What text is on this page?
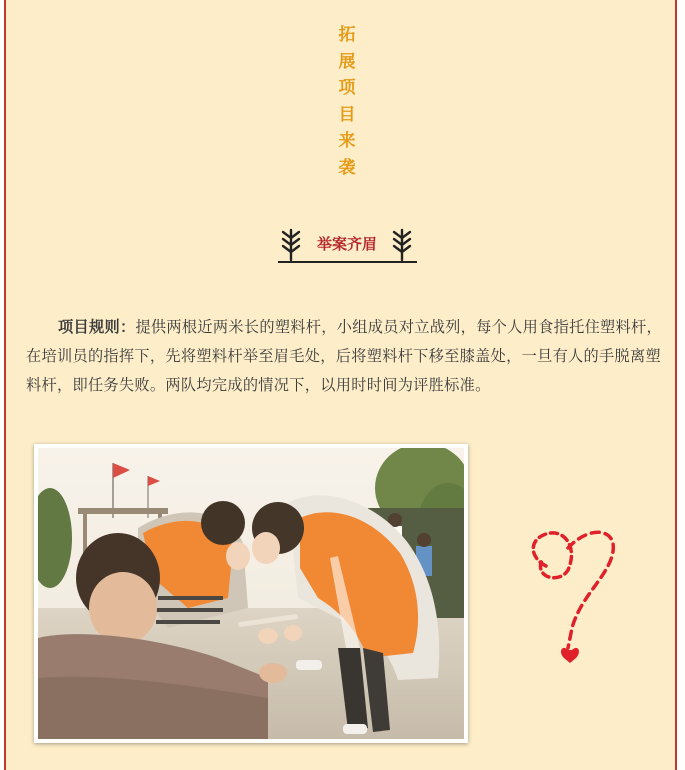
拓
展
项
目
来
袭
举案齐眉
项目规则：提供两根近两米长的塑料杆，小组成员对立战列，每个人用食指托住塑料杆，在培训员的指挥下，先将塑料杆举至眉毛处，后将塑料杆下移至膝盖处，一旦有人的手脱离塑料杆，即任务失败。两队均完成的情况下，以用时时间为评胜标准。
